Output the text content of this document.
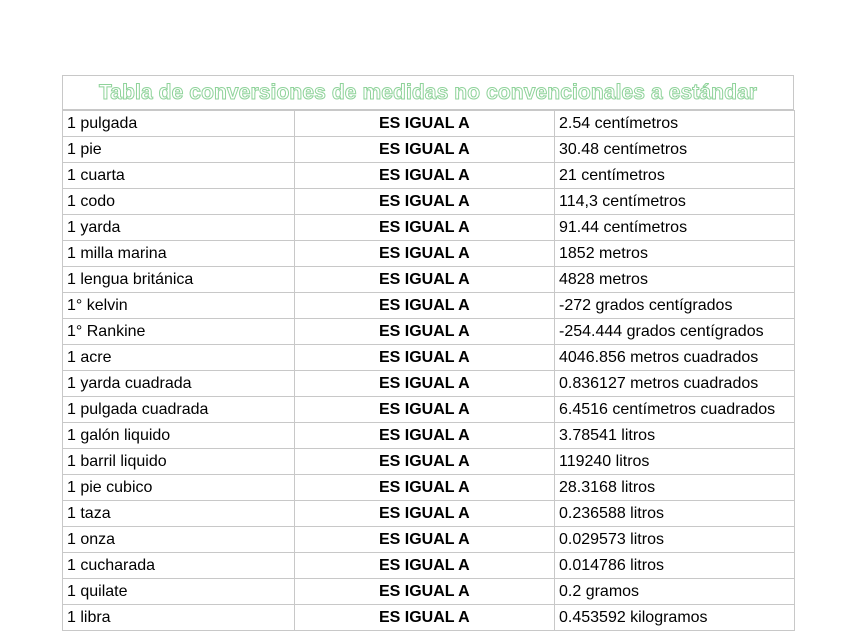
Tabla de conversiones de medidas no convencionales a estándar
1 pulgada	ES IGUAL A	2.54 centímetros
1 pie	ES IGUAL A	30.48 centímetros
1 cuarta	ES IGUAL A	21 centímetros
1 codo	ES IGUAL A	114,3 centímetros
1 yarda	ES IGUAL A	91.44 centímetros
1 milla marina	ES IGUAL A	1852 metros
1 lengua británica	ES IGUAL A	4828 metros
1° kelvin	ES IGUAL A	-272 grados centígrados
1° Rankine	ES IGUAL A	-254.444 grados centígrados
1 acre	ES IGUAL A	4046.856 metros cuadrados
1 yarda cuadrada	ES IGUAL A	0.836127 metros cuadrados
1 pulgada cuadrada	ES IGUAL A	6.4516 centímetros cuadrados
1 galón liquido	ES IGUAL A	3.78541 litros
1 barril liquido	ES IGUAL A	119240 litros
1 pie cubico	ES IGUAL A	28.3168 litros
1 taza	ES IGUAL A	0.236588 litros
1 onza	ES IGUAL A	0.029573 litros
1 cucharada	ES IGUAL A	0.014786 litros
1 quilate	ES IGUAL A	0.2 gramos
1 libra	ES IGUAL A	0.453592 kilogramos
